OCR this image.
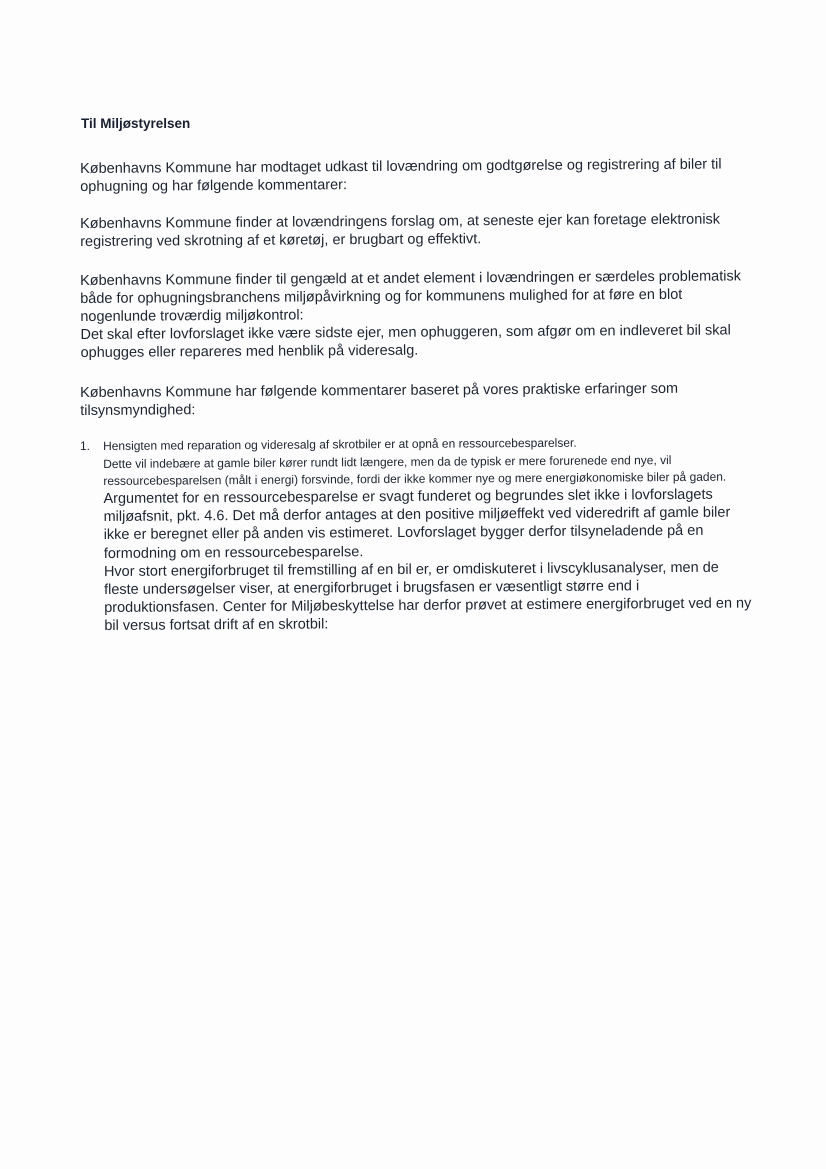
Til Miljøstyrelsen

Københavns Kommune har modtaget udkast til lovændring om godtgørelse og registrering af biler til ophugning og har følgende kommentarer:

Københavns Kommune finder at lovændringens forslag om, at seneste ejer kan foretage elektronisk registrering ved skrotning af et køretøj, er brugbart og effektivt.

Københavns Kommune finder til gengæld at et andet element i lovændringen er særdeles problematisk både for ophugningsbranchens miljøpåvirkning og for kommunens mulighed for at føre en blot nogenlunde troværdig miljøkontrol:

Det skal efter lovforslaget ikke være sidste ejer, men ophuggeren, som afgør om en indleveret bil skal ophugges eller repareres med henblik på videresalg.

Københavns Kommune har følgende kommentarer baseret på vores praktiske erfaringer som tilsynsmyndighed:

1. Hensigten med reparation og videresalg af skrotbiler er at opnå en ressourcebesparelser.

Dette vil indebære at gamle biler kører rundt lidt længere, men da de typisk er mere forurenede end nye, vil ressourcebesparelsen (målt i energi) forsvinde, fordi der ikke kommer nye og mere energiøkonomiske biler på gaden.

Argumentet for en ressourcebesparelse er svagt funderet og begrundes slet ikke i lovforslagets miljøafsnit, pkt. 4.6. Det må derfor antages at den positive miljøeffekt ved videredrift af gamle biler ikke er beregnet eller på anden vis estimeret. Lovforslaget bygger derfor tilsyneladende på en formodning om en ressourcebesparelse.

Hvor stort energiforbruget til fremstilling af en bil er, er omdiskuteret i livscyklusanalyser, men de fleste undersøgelser viser, at energiforbruget i brugsfasen er væsentligt større end i produktionsfasen. Center for Miljøbeskyttelse har derfor prøvet at estimere energiforbruget ved en ny bil versus fortsat drift af en skrotbil:
